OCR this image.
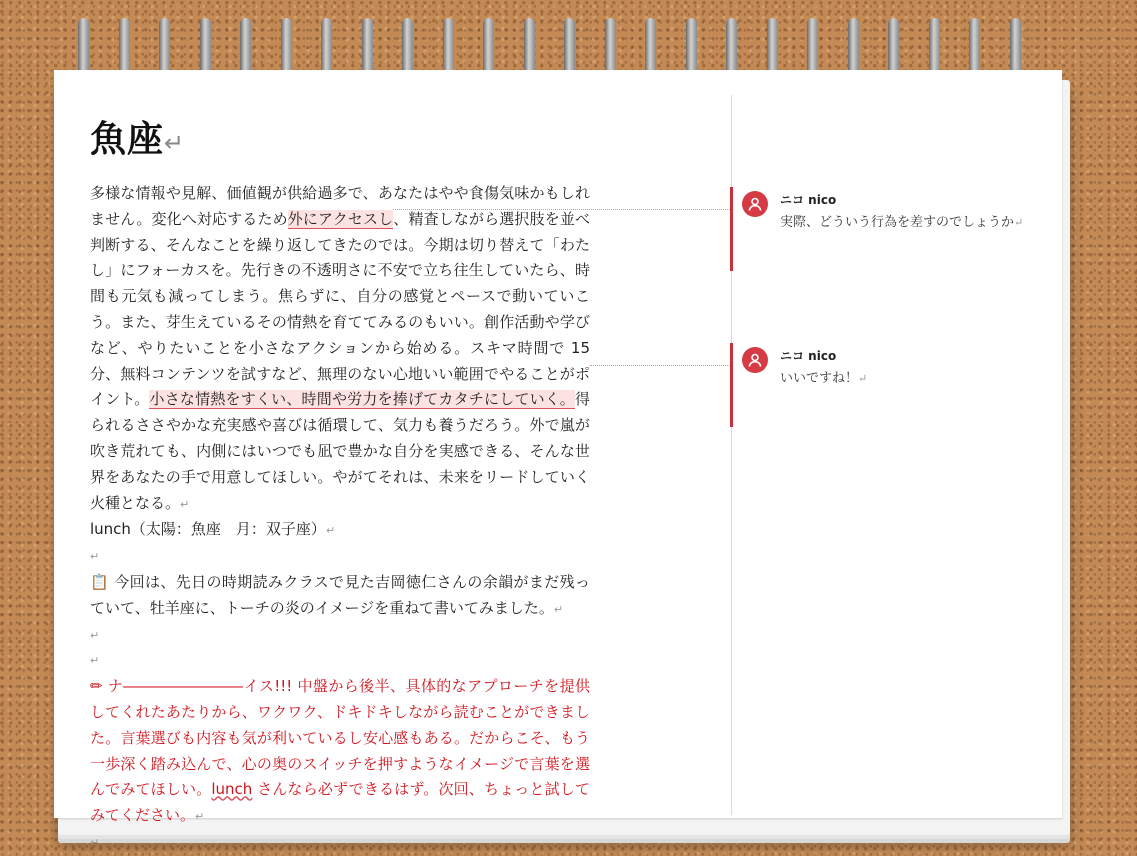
魚座↵

多様な情報や見解、価値観が供給過多で、あなたはやや食傷気味かもしれません。変化へ対応するため外にアクセスし、精査しながら選択肢を並べ判断する、そんなことを繰り返してきたのでは。今期は切り替えて「わたし」にフォーカスを。先行きの不透明さに不安で立ち往生していたら、時間も元気も減ってしまう。焦らずに、自分の感覚とペースで動いていこう。また、芽生えているその情熱を育ててみるのもいい。創作活動や学びなど、やりたいことを小さなアクションから始める。スキマ時間で 15 分、無料コンテンツを試すなど、無理のない心地いい範囲でやることがポイント。小さな情熱をすくい、時間や労力を捧げてカタチにしていく。得られるささやかな充実感や喜びは循環して、気力も養うだろう。外で嵐が吹き荒れても、内側にはいつでも凪で豊かな自分を実感できる、そんな世界をあなたの手で用意してほしい。やがてそれは、未来をリードしていく火種となる。↵

lunch（太陽：魚座　月：双子座）↵

↵

📋 今回は、先日の時期読みクラスで見た吉岡徳仁さんの余韻がまだ残っていて、牡羊座に、トーチの炎のイメージを重ねて書いてみました。↵

↵
↵

✏ ナ――――――――イス!!! 中盤から後半、具体的なアプローチを提供してくれたあたりから、ワクワク、ドキドキしながら読むことができました。言葉選びも内容も気が利いているし安心感もある。だからこそ、もう一歩深く踏み込んで、心の奥のスイッチを押すようなイメージで言葉を選んでみてほしい。lunch さんなら必ずできるはず。次回、ちょっと試してみてください。↵

↵
ニコ nico
実際、どういう行為を差すのでしょうか↵
ニコ nico
いいですね！↵
